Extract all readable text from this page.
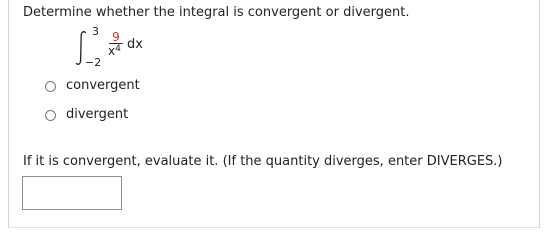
Determine whether the integral is convergent or divergent.
3
−2
9
$x^4$ dx
convergent
divergent
If it is convergent, evaluate it. (If the quantity diverges, enter DIVERGES.)
